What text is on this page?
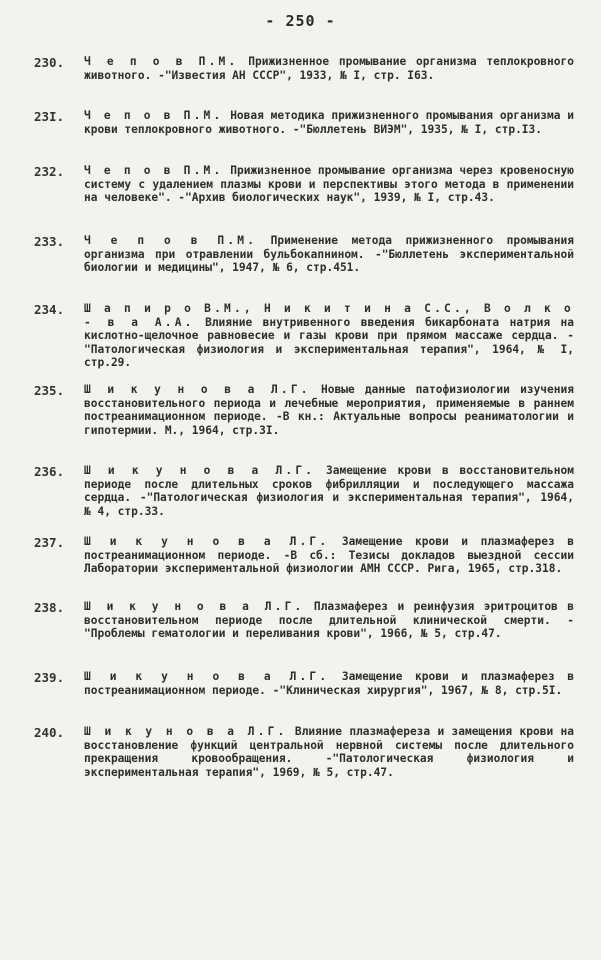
- 250 -
230.	Ч е п о в П.М. Прижизненное промывание организма теплокровного животного. -"Известия АН СССР", 1933, № I, стр. I63.
23I.	Ч е п о в П.М. Новая методика прижизненного промывания организма и крови теплокровного животного. -"Бюллетень ВИЭМ", 1935, № I, стр.I3.
232.	Ч е п о в П.М. Прижизненное промывание организма через кровеносную систему с удалением плазмы крови и перспективы этого метода в применении на человеке". -"Архив биологических наук", 1939, № I, стр.43.
233.	Ч е п о в П.М. Применение метода прижизненного промывания организма при отравлении бульбокапнином. -"Бюллетень экспериментальной биологии и медицины", 1947, № 6, стр.451.
234.	Ш а п и р о В.М., Н и к и т и н а С.С., В о л к о - в а А.А. Влияние внутривенного введения бикарбоната натрия на кислотно-щелочное равновесие и газы крови при прямом массаже сердца. -"Патологическая физиология и экспериментальная терапия", 1964, № I, стр.29.
235.	Ш и к у н о в а Л.Г. Новые данные патофизиологии изучения восстановительного периода и лечебные мероприятия, применяемые в раннем постреанимационном периоде. -В кн.: Актуальные вопросы реаниматологии и гипотермии. М., 1964, стр.3I.
236.	Ш и к у н о в а Л.Г. Замещение крови в восстановительном периоде после длительных сроков фибрилляции и последующего массажа сердца. -"Патологическая физиология и экспериментальная терапия", 1964, № 4, стр.33.
237.	Ш и к у н о в а Л.Г. Замещение крови и плазмаферез в постреанимационном периоде. -В сб.: Тезисы докладов выездной сессии Лаборатории экспериментальной физиологии АМН СССР. Рига, 1965, стр.318.
238.	Ш и к у н о в а Л.Г. Плазмаферез и реинфузия эритроцитов в восстановительном периоде после длительной клинической смерти. -"Проблемы гематологии и переливания крови", 1966, № 5, стр.47.
239.	Ш и к у н о в а Л.Г. Замещение крови и плазмаферез в постреанимационном периоде. -"Клиническая хирургия", 1967, № 8, стр.5I.
240.	Ш и к у н о в а Л.Г. Влияние плазмафереза и замещения крови на восстановление функций центральной нервной системы после длительного прекращения кровообращения. -"Патологическая физиология и экспериментальная терапия", 1969, № 5, стр.47.
